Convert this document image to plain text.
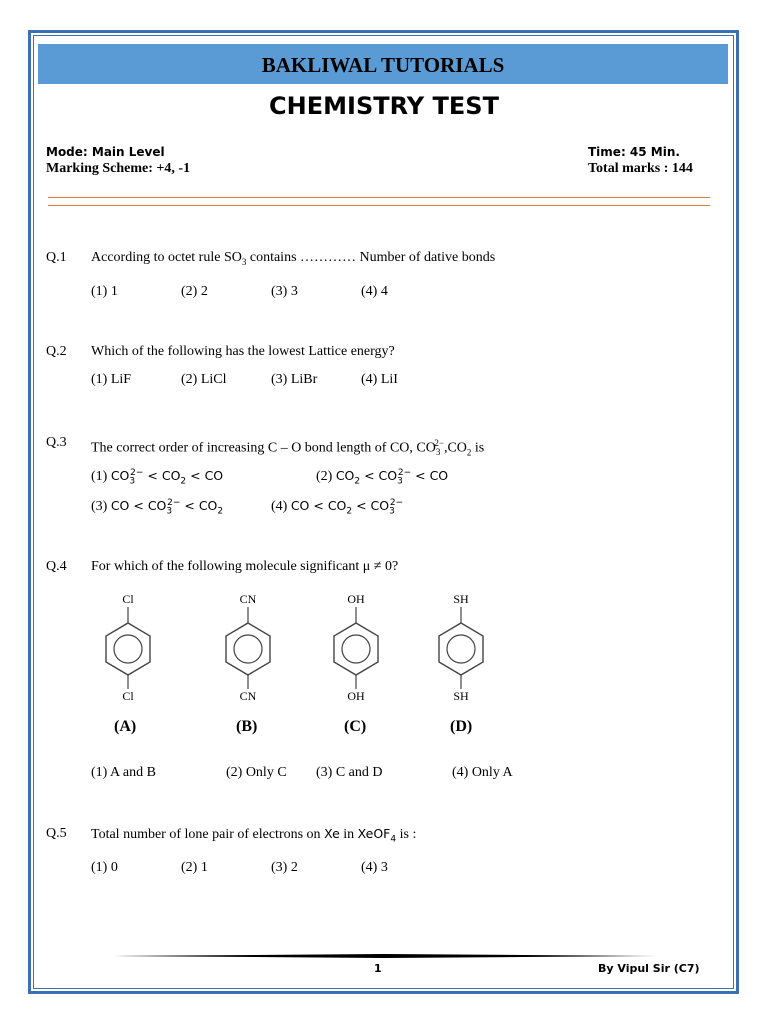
BAKLIWAL TUTORIALS
CHEMISTRY TEST
Mode: Main Level
Marking Scheme: +4, -1
Time: 45 Min.
Total marks : 144
Q.1 According to octet rule $SO_3$ contains ………… Number of dative bonds
(1) 1	(2) 2	(3) 3	(4) 4
Q.2 Which of the following has the lowest Lattice energy?
(1) LiF	(2) LiCl	(3) LiBr	(4) LiI
Q.3 The correct order of increasing C – O bond length of CO, $CO_3^{2-},CO_2$ is
(1) $CO_3^{2-} < CO_2$ < CO	(2) $CO_2 < CO_3^{2-}$ < CO
(3) CO < $CO_3^{2-} < CO_2$	(4) CO < $CO_2 < CO_3^{2-}$
Q.4 For which of the following molecule significant μ ≠ 0?
Cl
Cl
CN
CN
OH
OH
SH
SH
(A)	(B)	(C)	(D)
(1) A and B	(2) Only C (3) C and D	(4) Only A
Q.5 Total number of lone pair of electrons on Xe in XeOF$_4$ is :
(1) 0	(2) 1	(3) 2	(4) 3
1	By Vipul Sir (C7)
